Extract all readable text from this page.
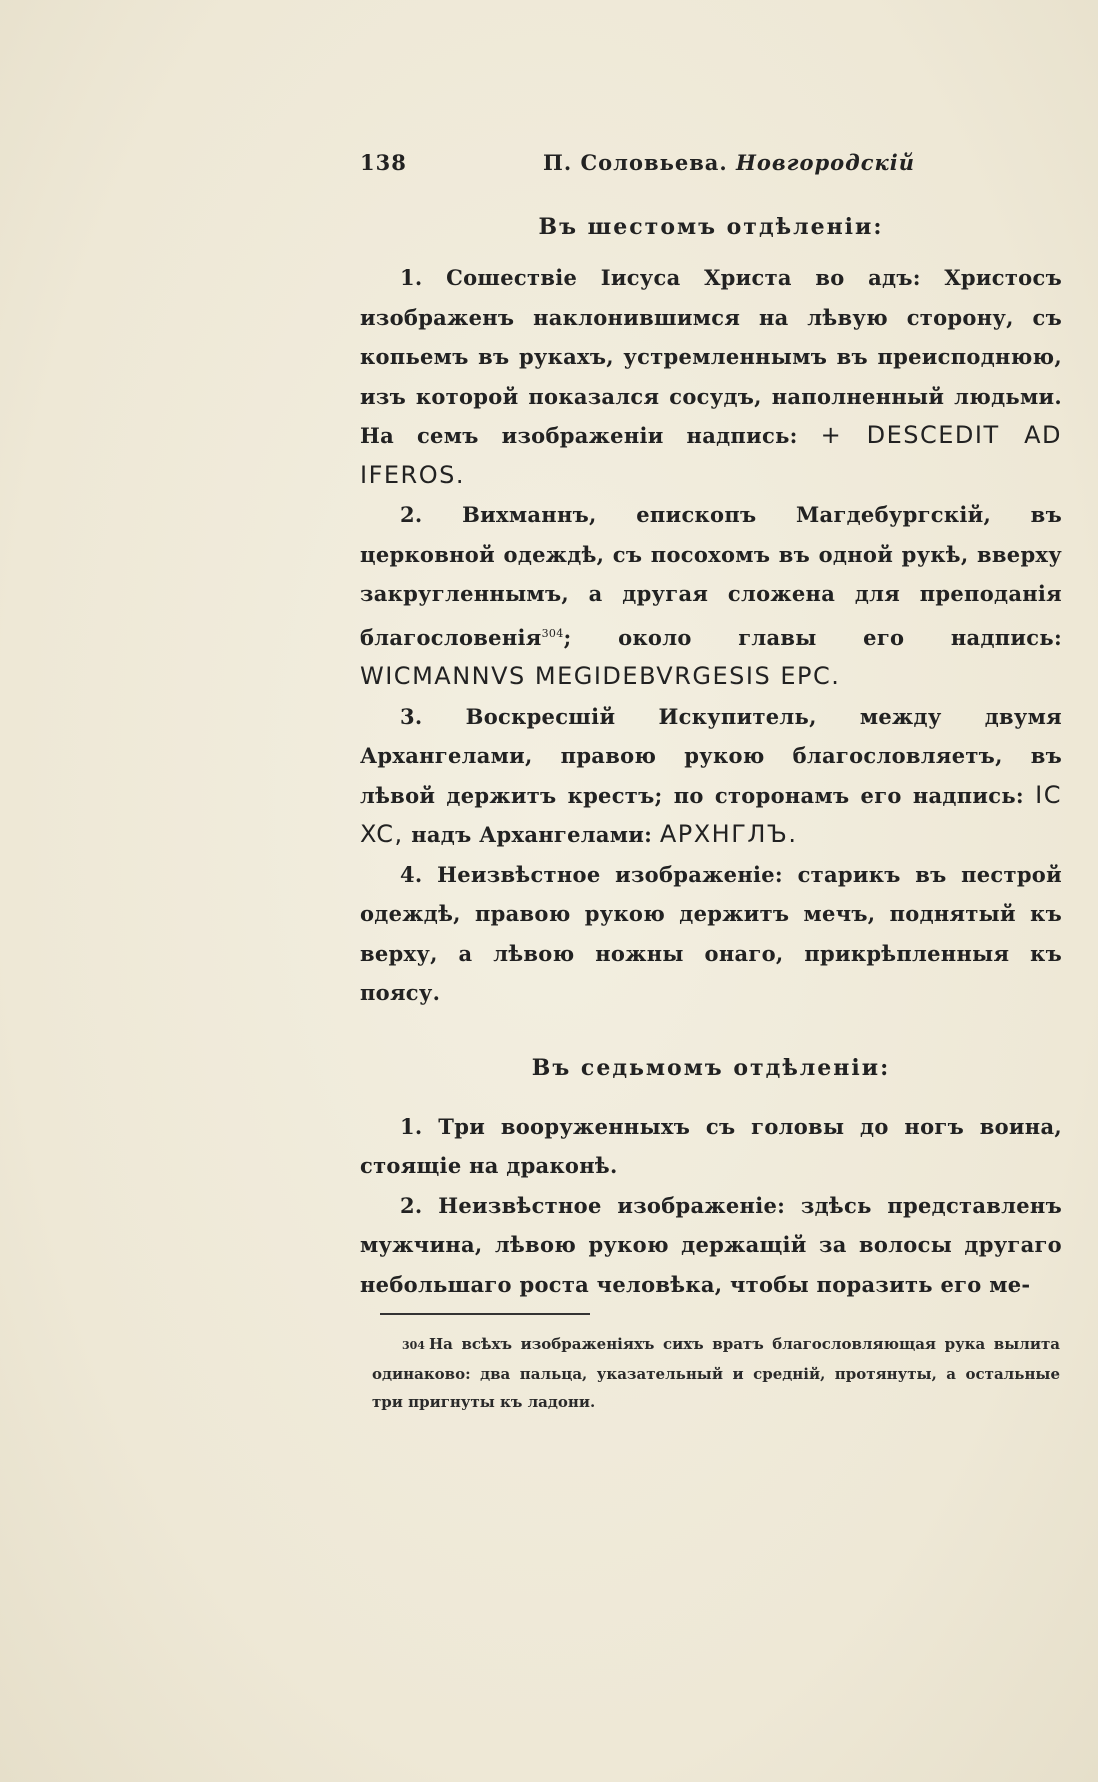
138	П. Соловьева. Новгородскій
Въ шестомъ отдѣленіи:

1. Сошествіе Іисуса Христа во адъ: Христосъ изображенъ наклонившимся на лѣвую сторону, съ копьемъ въ рукахъ, устремленнымъ въ преисподнюю, изъ которой показался сосудъ, наполненный людьми. На семъ изображеніи надпись: + DESCEDIT AD IFEROS.

2. Вихманнъ, епископъ Магдебургскій, въ церковной одеждѣ, съ посохомъ въ одной рукѣ, вверху закругленнымъ, а другая сложена для преподанія благословенія$^{304}$; около главы его надпись: WICMANNVS MEGIDEBVRGESIS EPC.

3. Воскресшій Искупитель, между двумя Архангелами, правою рукою благословляетъ, въ лѣвой держитъ крестъ; по сторонамъ его надпись: IC XC, надъ Архангелами: АРХНГЛЪ.

4. Неизвѣстное изображеніе: старикъ въ пестрой одеждѣ, правою рукою держитъ мечъ, поднятый къ верху, а лѣвою ножны онаго, прикрѣпленныя къ поясу.

Въ седьмомъ отдѣленіи:

1. Три вооруженныхъ съ головы до ногъ воина, стоящіе на драконѣ.

2. Неизвѣстное изображеніе: здѣсь представленъ мужчина, лѣвою рукою держащій за волосы другаго небольшаго роста человѣка, чтобы поразить его ме-

304 На всѣхъ изображеніяхъ сихъ вратъ благословляющая рука вылита одинаково: два пальца, указательный и средній, протянуты, а остальные три пригнуты къ ладони.
